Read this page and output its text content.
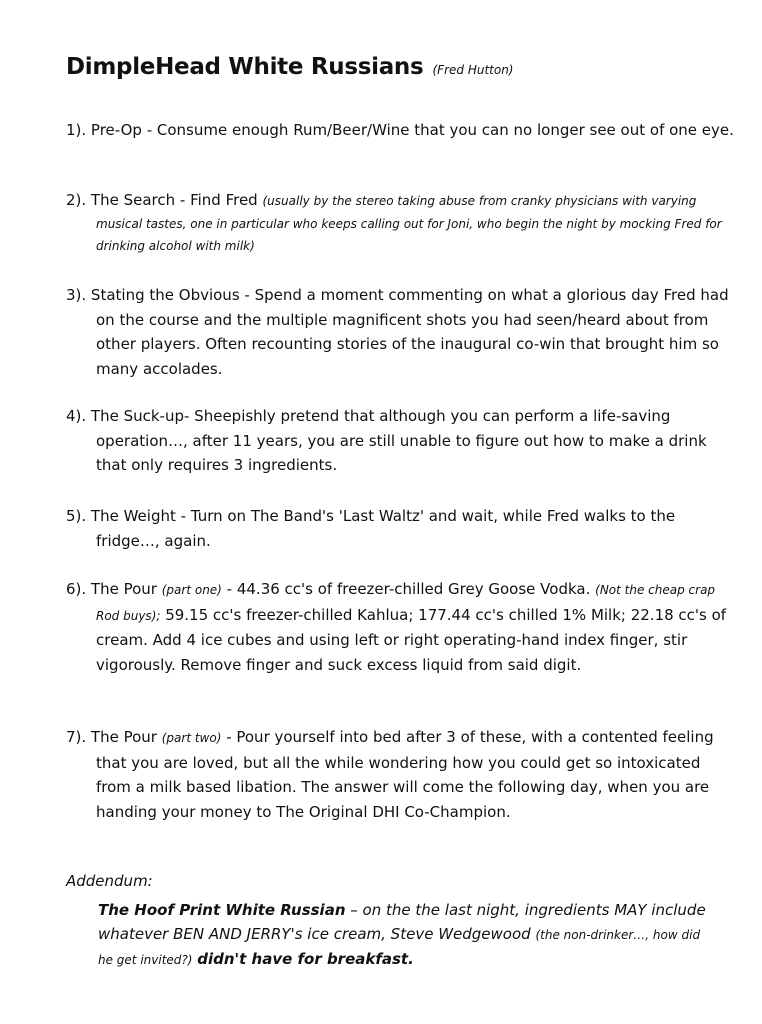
DimpleHead White Russians (Fred Hutton)
1). Pre-Op - Consume enough Rum/Beer/Wine that you can no longer see out of one eye.
2). The Search - Find Fred (usually by the stereo taking abuse from cranky physicians with varying musical tastes, one in particular who keeps calling out for Joni, who begin the night by mocking Fred for drinking alcohol with milk)
3). Stating the Obvious - Spend a moment commenting on what a glorious day Fred had on the course and the multiple magnificent shots you had seen/heard about from other players. Often recounting stories of the inaugural co-win that brought him so many accolades.
4). The Suck-up- Sheepishly pretend that although you can perform a life-saving operation…, after 11 years, you are still unable to figure out how to make a drink that only requires 3 ingredients.
5). The Weight - Turn on The Band's 'Last Waltz' and wait, while Fred walks to the fridge…, again.
6). The Pour (part one) - 44.36 cc's of freezer-chilled Grey Goose Vodka. (Not the cheap crap Rod buys); 59.15 cc's freezer-chilled Kahlua; 177.44 cc's chilled 1% Milk; 22.18 cc's of cream. Add 4 ice cubes and using left or right operating-hand index finger, stir vigorously. Remove finger and suck excess liquid from said digit.
7). The Pour (part two) - Pour yourself into bed after 3 of these, with a contented feeling that you are loved, but all the while wondering how you could get so intoxicated from a milk based libation. The answer will come the following day, when you are handing your money to The Original DHI Co-Champion.
Addendum:
The Hoof Print White Russian – on the the last night, ingredients MAY include whatever BEN AND JERRY's ice cream, Steve Wedgewood (the non-drinker…, how did he get invited?) didn't have for breakfast.
